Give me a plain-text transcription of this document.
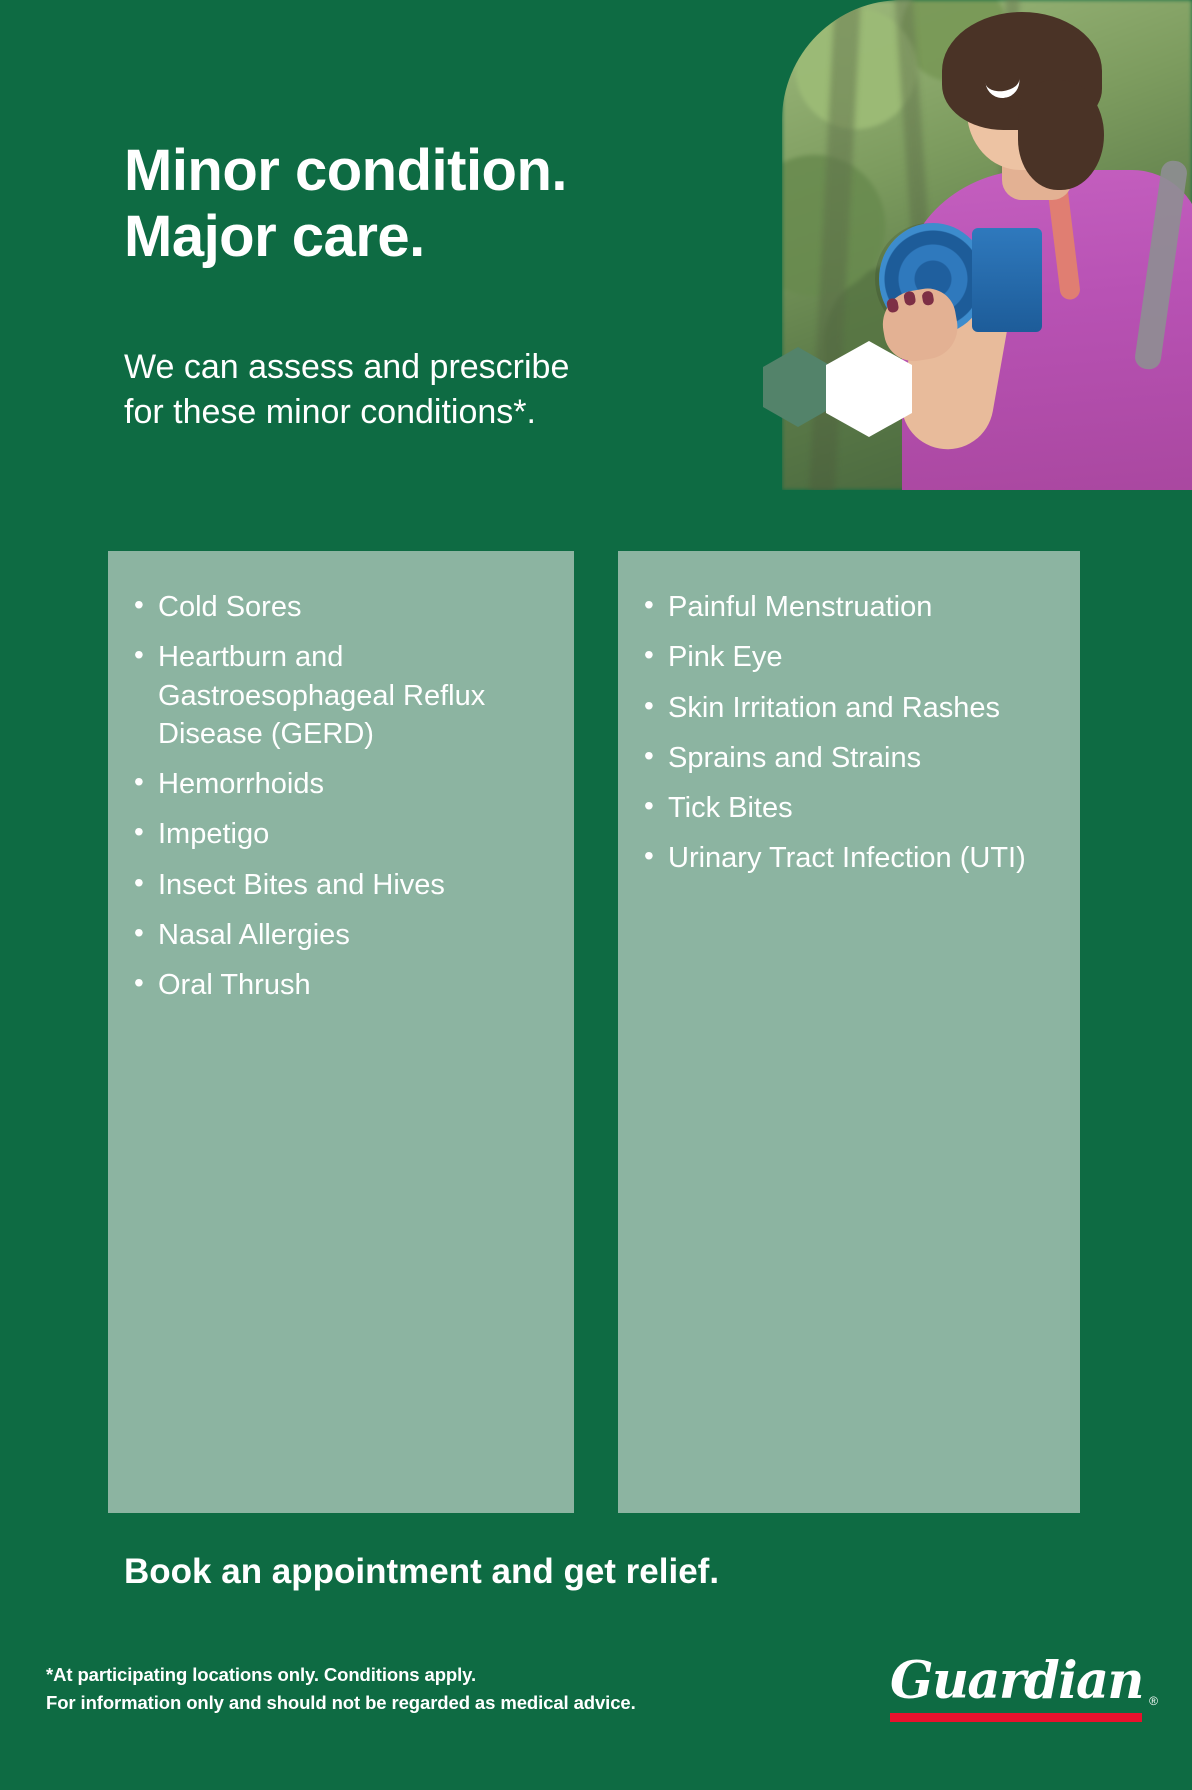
Minor condition.
Major care.
We can assess and prescribe
for these minor conditions*.
• Cold Sores
• Heartburn and Gastroesophageal Reflux Disease (GERD)
• Hemorrhoids
• Impetigo
• Insect Bites and Hives
• Nasal Allergies
• Oral Thrush
• Painful Menstruation
• Pink Eye
• Skin Irritation and Rashes
• Sprains and Strains
• Tick Bites
• Urinary Tract Infection (UTI)
Book an appointment and get relief.
*At participating locations only. Conditions apply.
For information only and should not be regarded as medical advice.	Guardian ®
